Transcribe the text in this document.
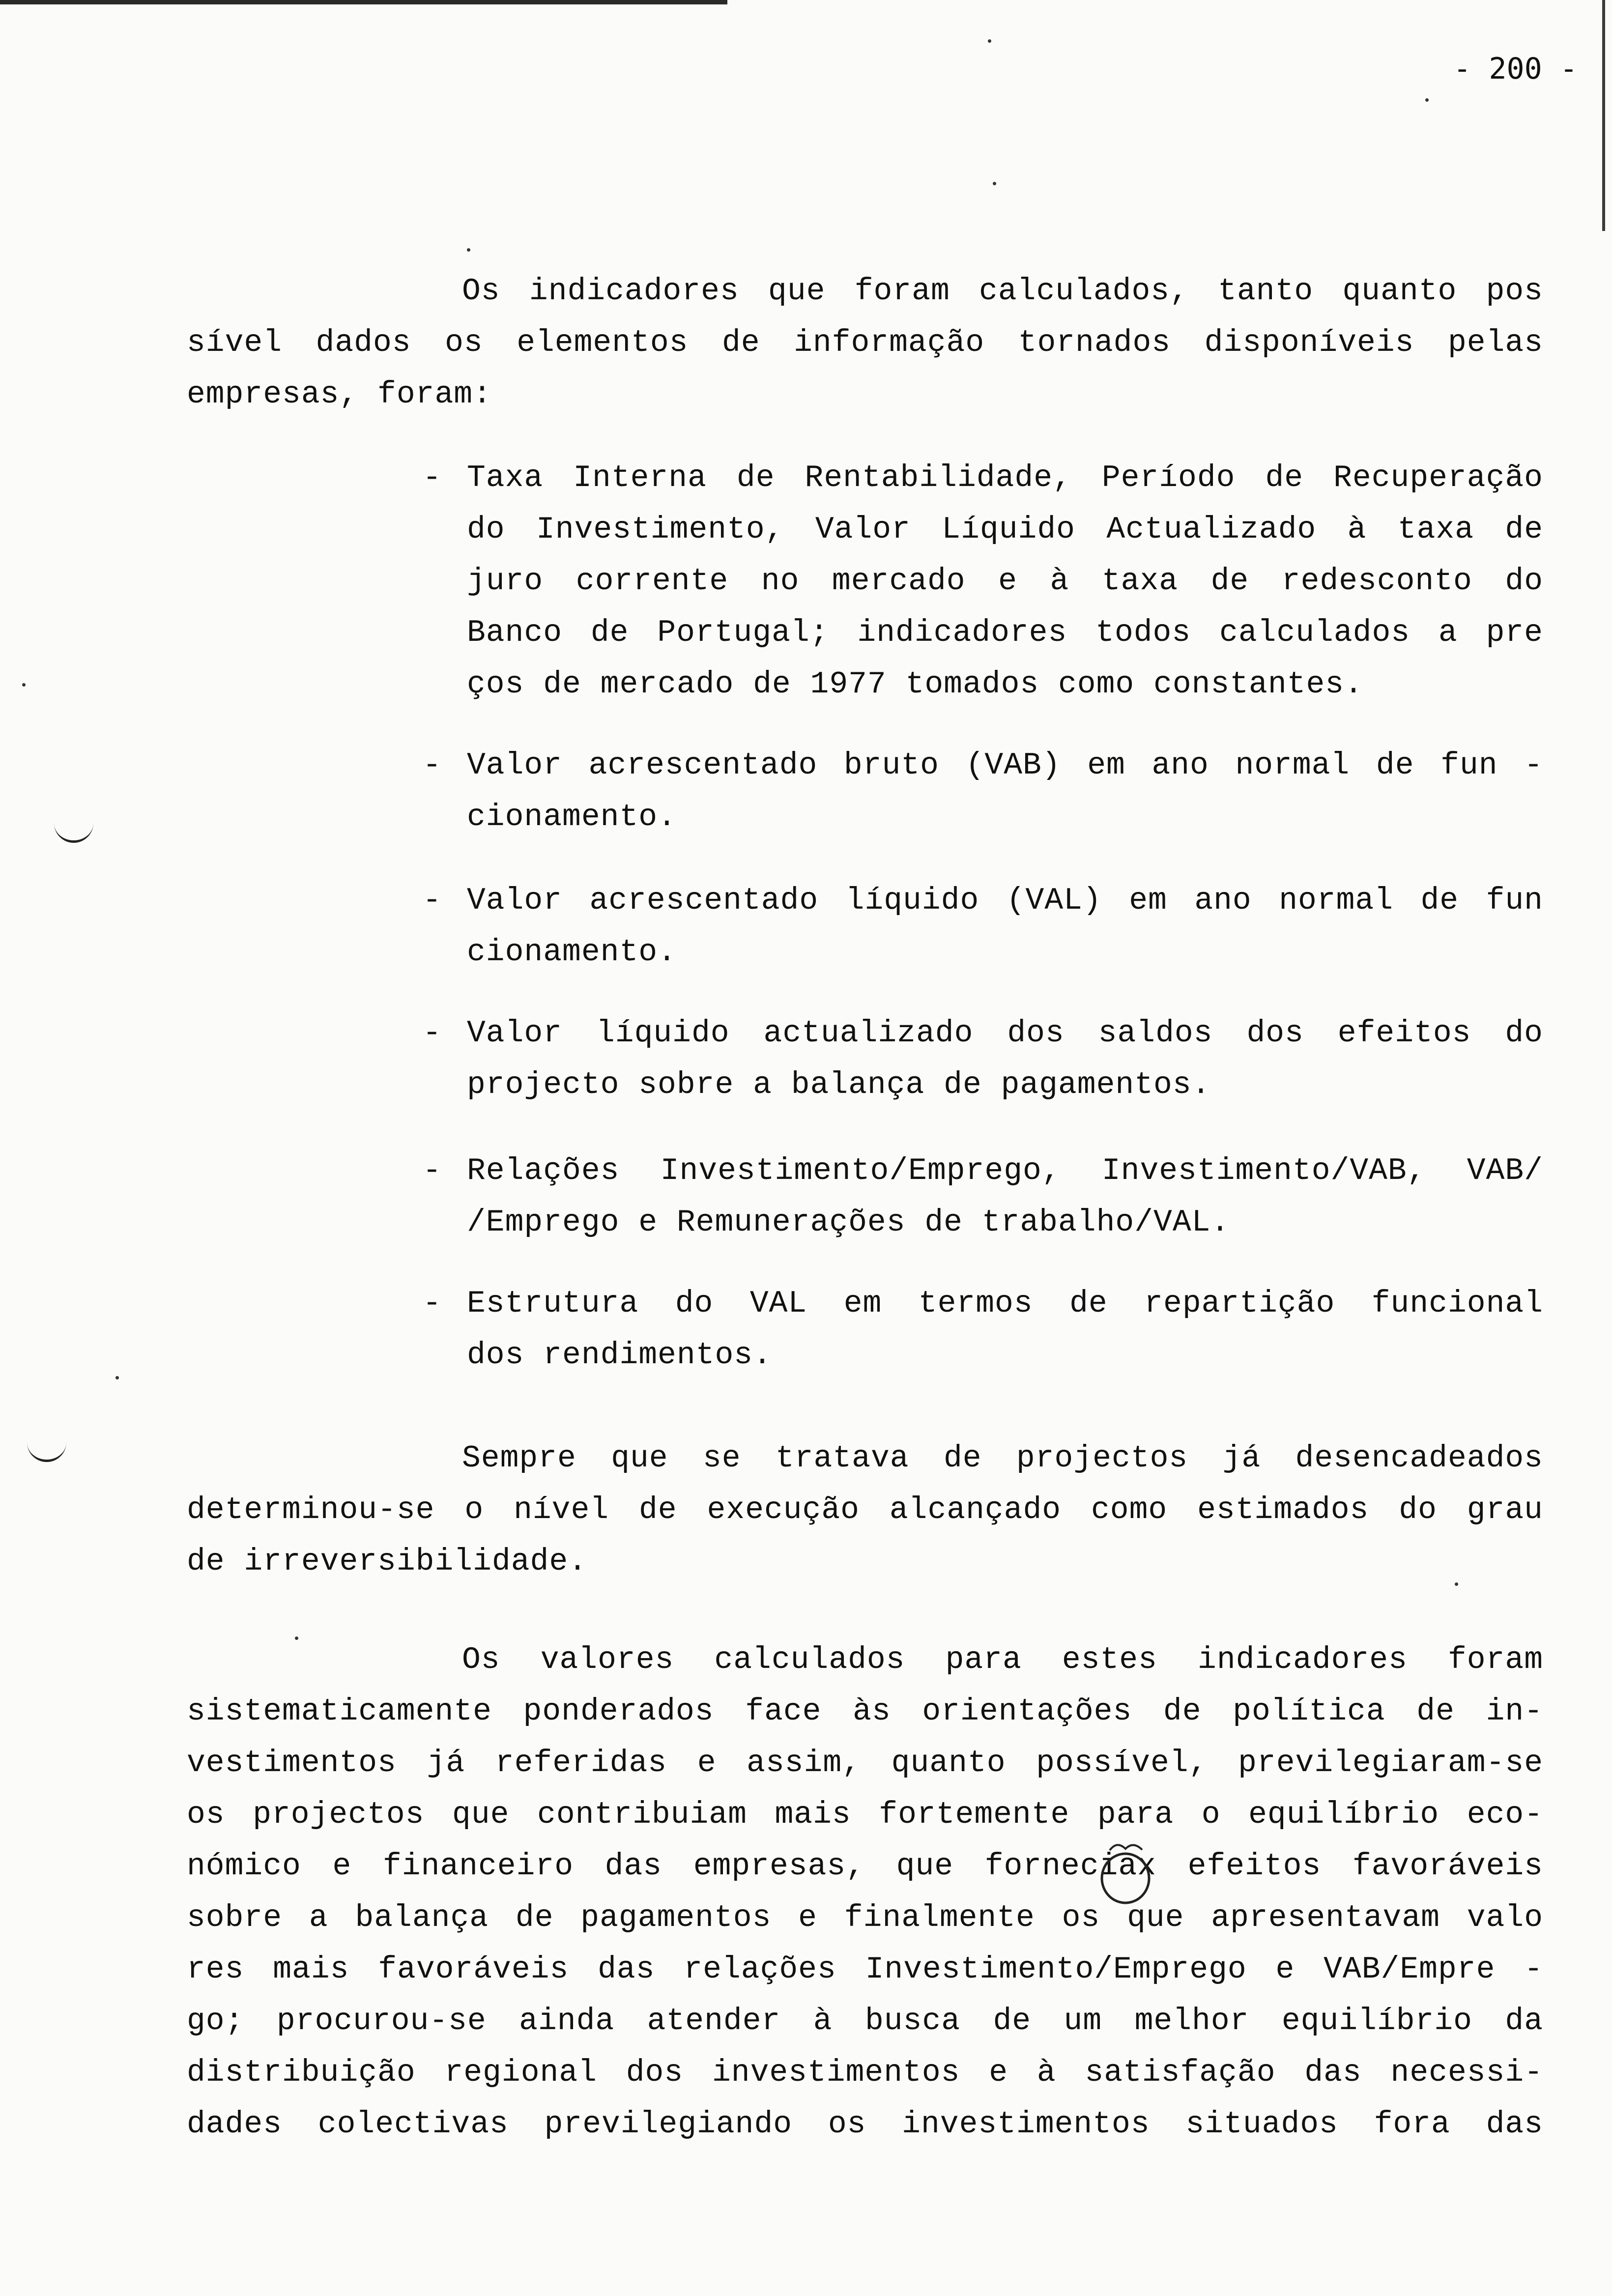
- 200 -
Os indicadores que foram calculados, tanto quanto pos
sível dados os elementos de informação tornados disponíveis pelas
empresas, foram:
- Taxa Interna de Rentabilidade, Período de Recuperação
do Investimento, Valor Líquido Actualizado à taxa de
juro corrente no mercado e à taxa de redesconto do
Banco de Portugal; indicadores todos calculados a pre
ços de mercado de 1977 tomados como constantes.
- Valor acrescentado bruto (VAB) em ano normal de fun -
cionamento.
- Valor acrescentado líquido (VAL) em ano normal de fun
cionamento.
- Valor líquido actualizado dos saldos dos efeitos do
projecto sobre a balança de pagamentos.
- Relações Investimento/Emprego, Investimento/VAB, VAB/
/Emprego e Remunerações de trabalho/VAL.
- Estrutura do VAL em termos de repartição funcional
dos rendimentos.
Sempre que se tratava de projectos já desencadeados
determinou-se o nível de execução alcançado como estimados do grau
de irreversibilidade.
Os valores calculados para estes indicadores foram
sistematicamente ponderados face às orientações de política de in-
vestimentos já referidas e assim, quanto possível, previlegiaram-se
os projectos que contribuiam mais fortemente para o equilíbrio eco-
nómico e financeiro das empresas, que forneciax efeitos favoráveis
sobre a balança de pagamentos e finalmente os que apresentavam valo
res mais favoráveis das relações Investimento/Emprego e VAB/Empre -
go; procurou-se ainda atender à busca de um melhor equilíbrio da
distribuição regional dos investimentos e à satisfação das necessi-
dades colectivas previlegiando os investimentos situados fora das
